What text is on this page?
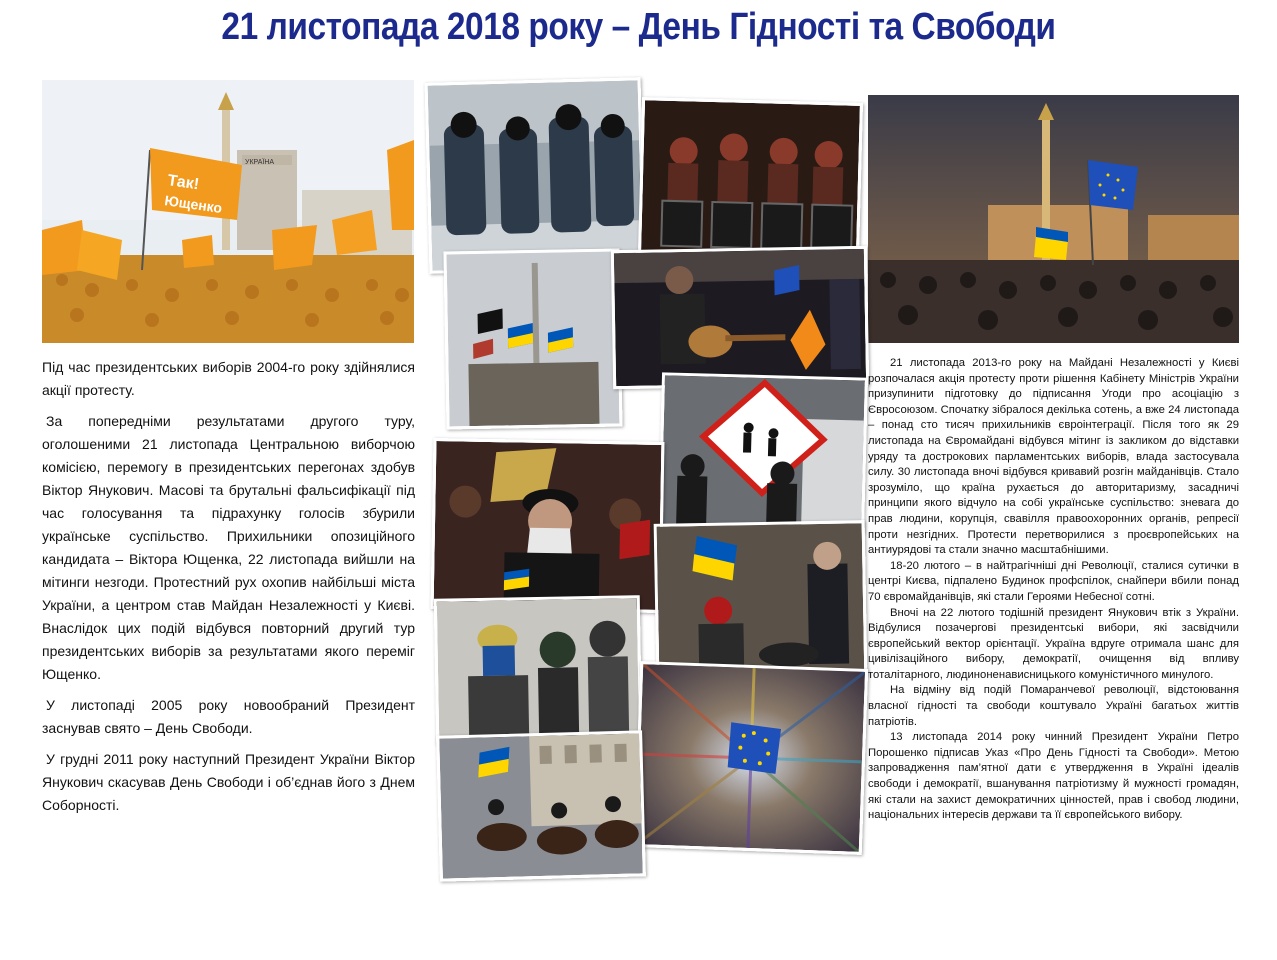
21 листопада 2018 року – День Гідності та Свободи
УКРАЇНА
Так!
Ющенко

Під час президентських виборів 2004-го року здійнялися акції протесту.

За попередніми результатами другого туру, оголошеними 21 листопада Центральною виборчою комісією, перемогу в президентських перегонах здобув Віктор Янукович. Масові та брутальні фальсифікації під час голосування та підрахунку голосів збурили українське суспільство. Прихильники опозиційного кандидата – Віктора Ющенка, 22 листопада вийшли на мітинги незгоди. Протестний рух охопив найбільші міста України, а центром став Майдан Незалежності у Києві. Внаслідок цих подій відбувся повторний другий тур президентських виборів за результатами якого переміг Ющенко.

У листопаді 2005 року новообраний Президент заснував свято – День Свободи.

У грудні 2011 року наступний Президент України Віктор Янукович скасував День Свободи і об’єднав його з Днем Соборності.

21 листопада 2013-го року на Майдані Незалежності у Києві розпочалася акція протесту проти рішення Кабінету Міністрів України призупинити підготовку до підписання Угоди про асоціацію з Євросоюзом. Спочатку зібралося декілька сотень, а вже 24 листопада – понад сто тисяч прихильників євроінтеграції. Після того як 29 листопада на Євромайдані відбувся мітинг із закликом до відставки уряду та дострокових парламентських виборів, влада застосувала силу. 30 листопада вночі відбувся кривавий розгін майданівців. Стало зрозуміло, що країна рухається до авторитаризму, засадничі принципи якого відчуло на собі українське суспільство: зневага до прав людини, корупція, свавілля правоохоронних органів, репресії проти незгідних. Протести перетворилися з проєвропейських на антиурядові та стали значно масштабнішими.

18-20 лютого – в найтрагічніші дні Революції, сталися сутички в центрі Києва, підпалено Будинок профспілок, снайпери вбили понад 70 євромайданівців, які стали Героями Небесної сотні.

Вночі на 22 лютого тодішній президент Янукович втік з України. Відбулися позачергові президентські вибори, які засвідчили європейський вектор орієнтації. Україна вдруге отримала шанс для цивілізаційного вибору, демократії, очищення від впливу тоталітарного, людиноненависницького комуністичного минулого.

На відміну від подій Помаранчевої революції, відстоювання власної гідності та свободи коштувало Україні багатьох життів патріотів.

13 листопада 2014 року чинний Президент України Петро Порошенко підписав Указ «Про День Гідності та Свободи». Метою запровадження пам’ятної дати є утвердження в Україні ідеалів свободи і демократії, вшанування патріотизму й мужності громадян, які стали на захист демократичних цінностей, прав і свобод людини, національних інтересів держави та її європейського вибору.
